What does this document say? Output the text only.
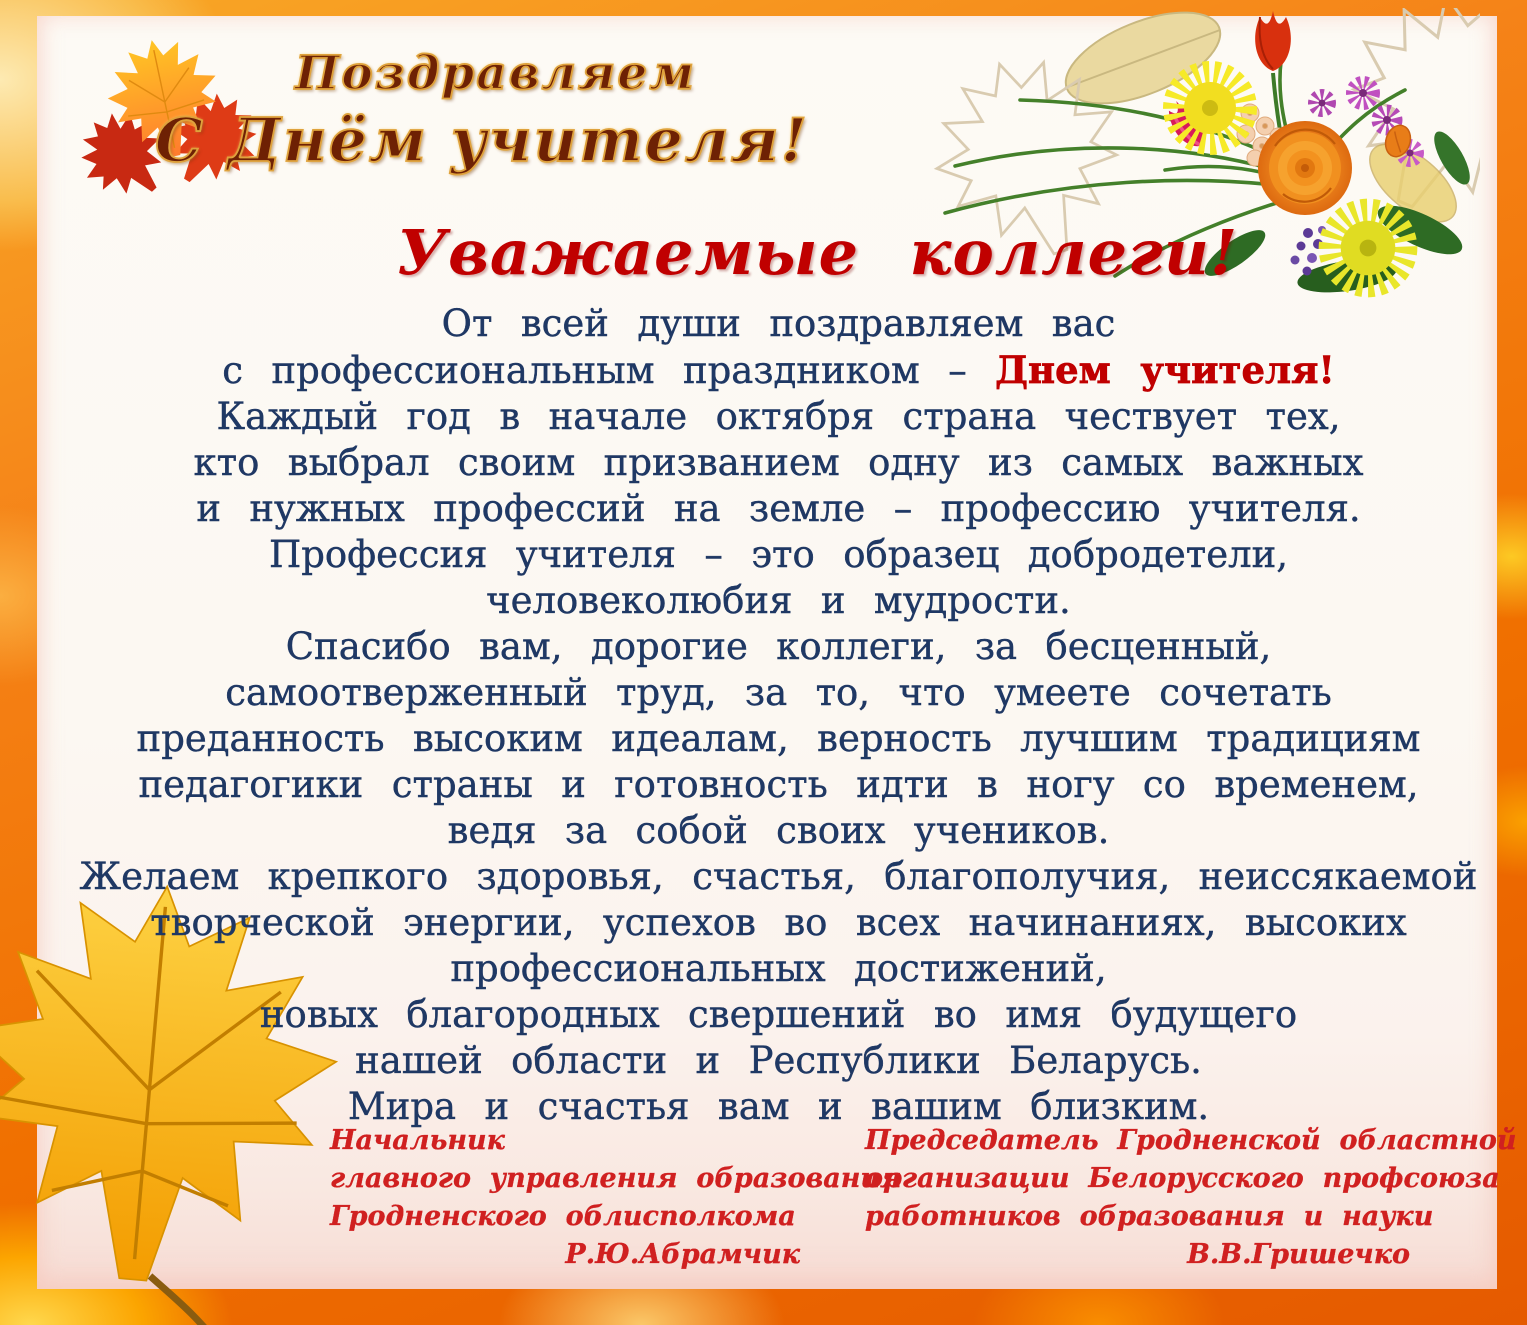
Поздравляем
С Днём учителя!
Уважаемые коллеги!
От всей души поздравляем вас
с профессиональным праздником – Днем учителя!
Каждый год в начале октября страна чествует тех,
кто выбрал своим призванием одну из самых важных
и нужных профессий на земле – профессию учителя.
Профессия учителя – это образец добродетели,
человеколюбия и мудрости.
Спасибо вам, дорогие коллеги, за бесценный,
самоотверженный труд, за то, что умеете сочетать
преданность высоким идеалам, верность лучшим традициям
педагогики страны и готовность идти в ногу со временем,
ведя за собой своих учеников.
Желаем крепкого здоровья, счастья, благополучия, неиссякаемой
творческой энергии, успехов во всех начинаниях, высоких
профессиональных достижений,
новых благородных свершений во имя будущего
нашей области и Республики Беларусь.
Мира и счастья вам и вашим близким.
Начальник
главного управления образования
Гродненского облисполкома
Р.Ю.Абрамчик
Председатель Гродненской областной
организации Белорусского профсоюза
работников образования и науки
В.В.Гришечко
